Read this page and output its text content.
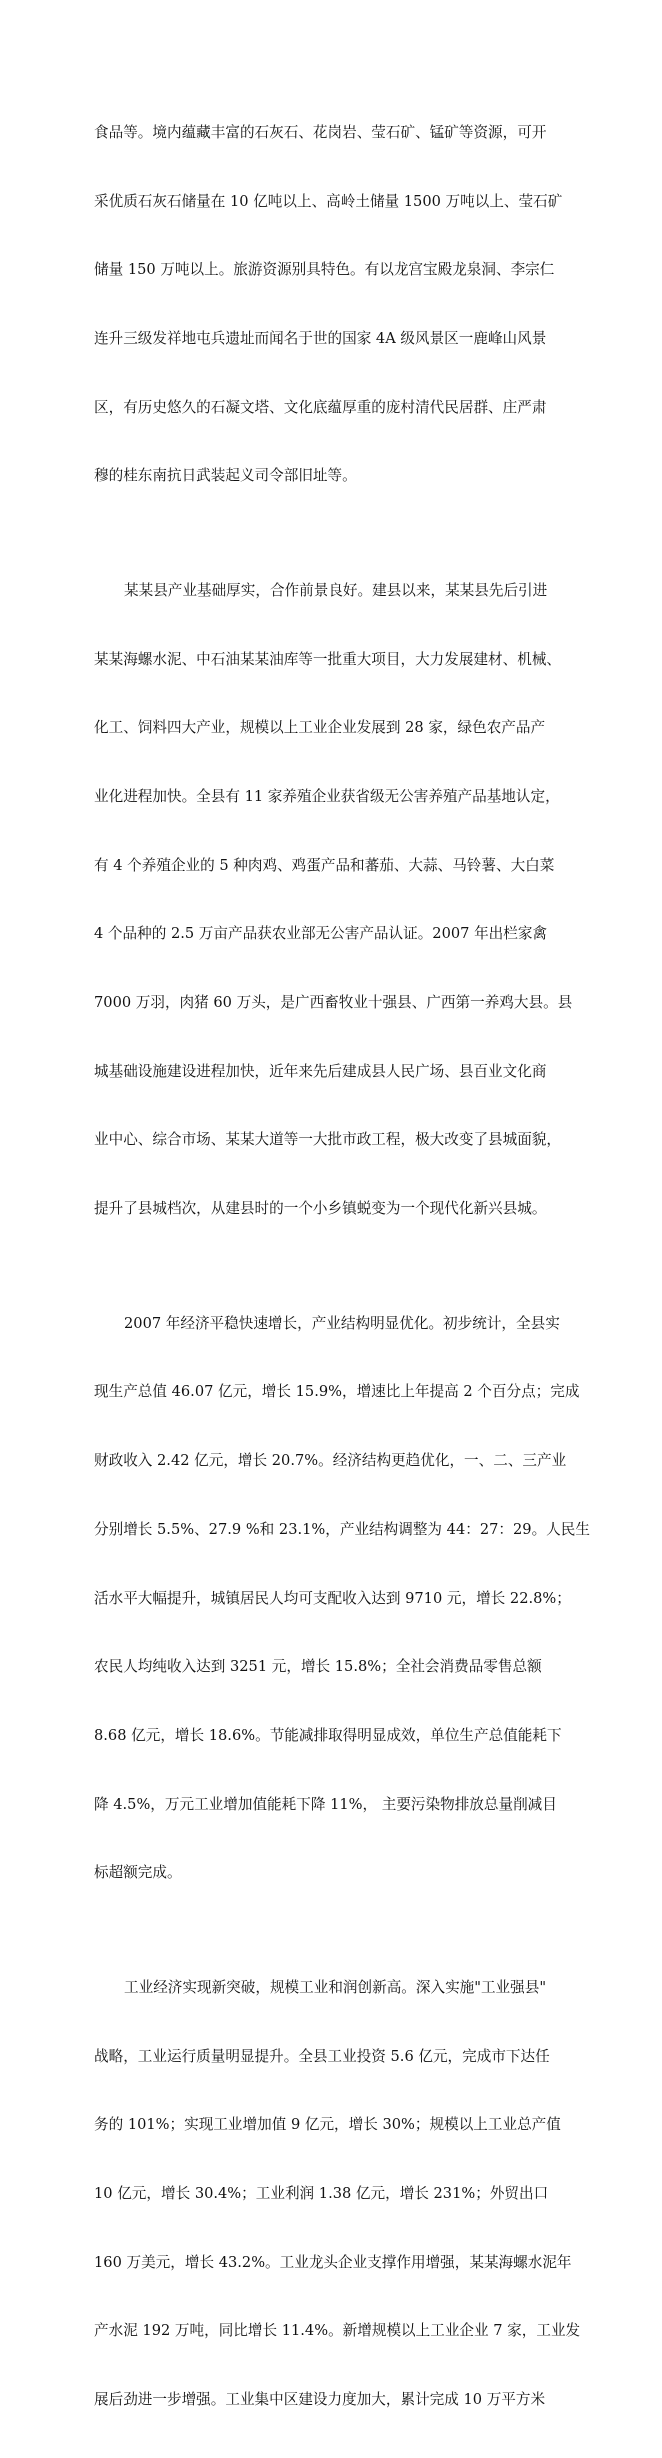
食品等。境内蕴藏丰富的石灰石、花岗岩、莹石矿、锰矿等资源，可开

采优质石灰石储量在 10 亿吨以上、高岭土储量 1500 万吨以上、莹石矿

储量 150 万吨以上。旅游资源别具特色。有以龙宫宝殿龙泉洞、李宗仁

连升三级发祥地屯兵遗址而闻名于世的国家 4A 级风景区一鹿峰山风景

区，有历史悠久的石凝文塔、文化底蕴厚重的庞村清代民居群、庄严肃

穆的桂东南抗日武装起义司令部旧址等。

某某县产业基础厚实，合作前景良好。建县以来，某某县先后引进

某某海螺水泥、中石油某某油库等一批重大项目，大力发展建材、机械、

化工、饲料四大产业，规模以上工业企业发展到 28 家，绿色农产品产

业化进程加快。全县有 11 家养殖企业获省级无公害养殖产品基地认定，

有 4 个养殖企业的 5 种肉鸡、鸡蛋产品和蕃茄、大蒜、马铃薯、大白菜

4 个品种的 2.5 万亩产品获农业部无公害产品认证。2007 年出栏家禽

7000 万羽，肉猪 60 万头，是广西畜牧业十强县、广西第一养鸡大县。县

城基础设施建设进程加快，近年来先后建成县人民广场、县百业文化商

业中心、综合市场、某某大道等一大批市政工程，极大改变了县城面貌，

提升了县城档次，从建县时的一个小乡镇蜕变为一个现代化新兴县城。

2007 年经济平稳快速增长，产业结构明显优化。初步统计，全县实

现生产总值 46.07 亿元，增长 15.9%，增速比上年提高 2 个百分点；完成

财政收入 2.42 亿元，增长 20.7%。经济结构更趋优化，一、二、三产业

分别增长 5.5%、27.9 %和 23.1%，产业结构调整为 44：27：29。人民生

活水平大幅提升，城镇居民人均可支配收入达到 9710 元，增长 22.8%；

农民人均纯收入达到 3251 元，增长 15.8%；全社会消费品零售总额

8.68 亿元，增长 18.6%。节能减排取得明显成效，单位生产总值能耗下

降 4.5%，万元工业增加值能耗下降 11%， 主要污染物排放总量削减目

标超额完成。

工业经济实现新突破，规模工业和润创新高。深入实施"工业强县"

战略，工业运行质量明显提升。全县工业投资 5.6 亿元，完成市下达任

务的 101%；实现工业增加值 9 亿元，增长 30%；规模以上工业总产值

10 亿元，增长 30.4%；工业利润 1.38 亿元，增长 231%；外贸出口

160 万美元，增长 43.2%。工业龙头企业支撑作用增强，某某海螺水泥年

产水泥 192 万吨，同比增长 11.4%。新增规模以上工业企业 7 家，工业发

展后劲进一步增强。工业集中区建设力度加大，累计完成 10 万平方米
